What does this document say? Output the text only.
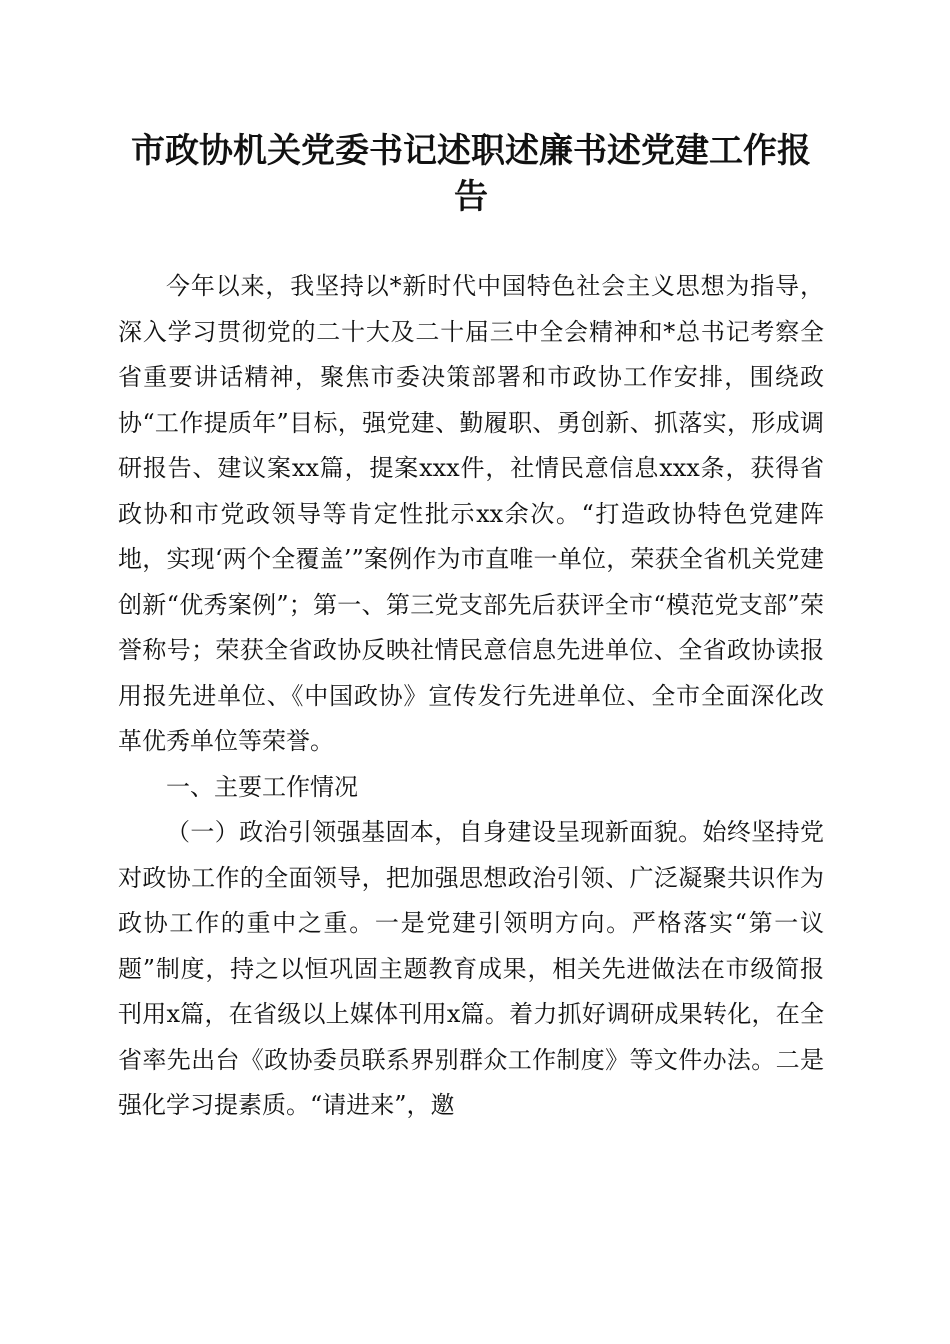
市政协机关党委书记述职述廉书述党建工作报告

今年以来，我坚持以*新时代中国特色社会主义思想为指导，深入学习贯彻党的二十大及二十届三中全会精神和*总书记考察全省重要讲话精神，聚焦市委决策部署和市政协工作安排，围绕政协“工作提质年”目标，强党建、勤履职、勇创新、抓落实，形成调研报告、建议案xx篇，提案xxx件，社情民意信息xxx条，获得省政协和市党政领导等肯定性批示xx余次。“打造政协特色党建阵地，实现‘两个全覆盖’”案例作为市直唯一单位，荣获全省机关党建创新“优秀案例”；第一、第三党支部先后获评全市“模范党支部”荣誉称号；荣获全省政协反映社情民意信息先进单位、全省政协读报用报先进单位、《中国政协》宣传发行先进单位、全市全面深化改革优秀单位等荣誉。

一、主要工作情况

（一）政治引领强基固本，自身建设呈现新面貌。始终坚持党对政协工作的全面领导，把加强思想政治引领、广泛凝聚共识作为政协工作的重中之重。一是党建引领明方向。严格落实“第一议题”制度，持之以恒巩固主题教育成果，相关先进做法在市级简报刊用x篇，在省级以上媒体刊用x篇。着力抓好调研成果转化，在全省率先出台《政协委员联系界别群众工作制度》等文件办法。二是强化学习提素质。“请进来”，邀
